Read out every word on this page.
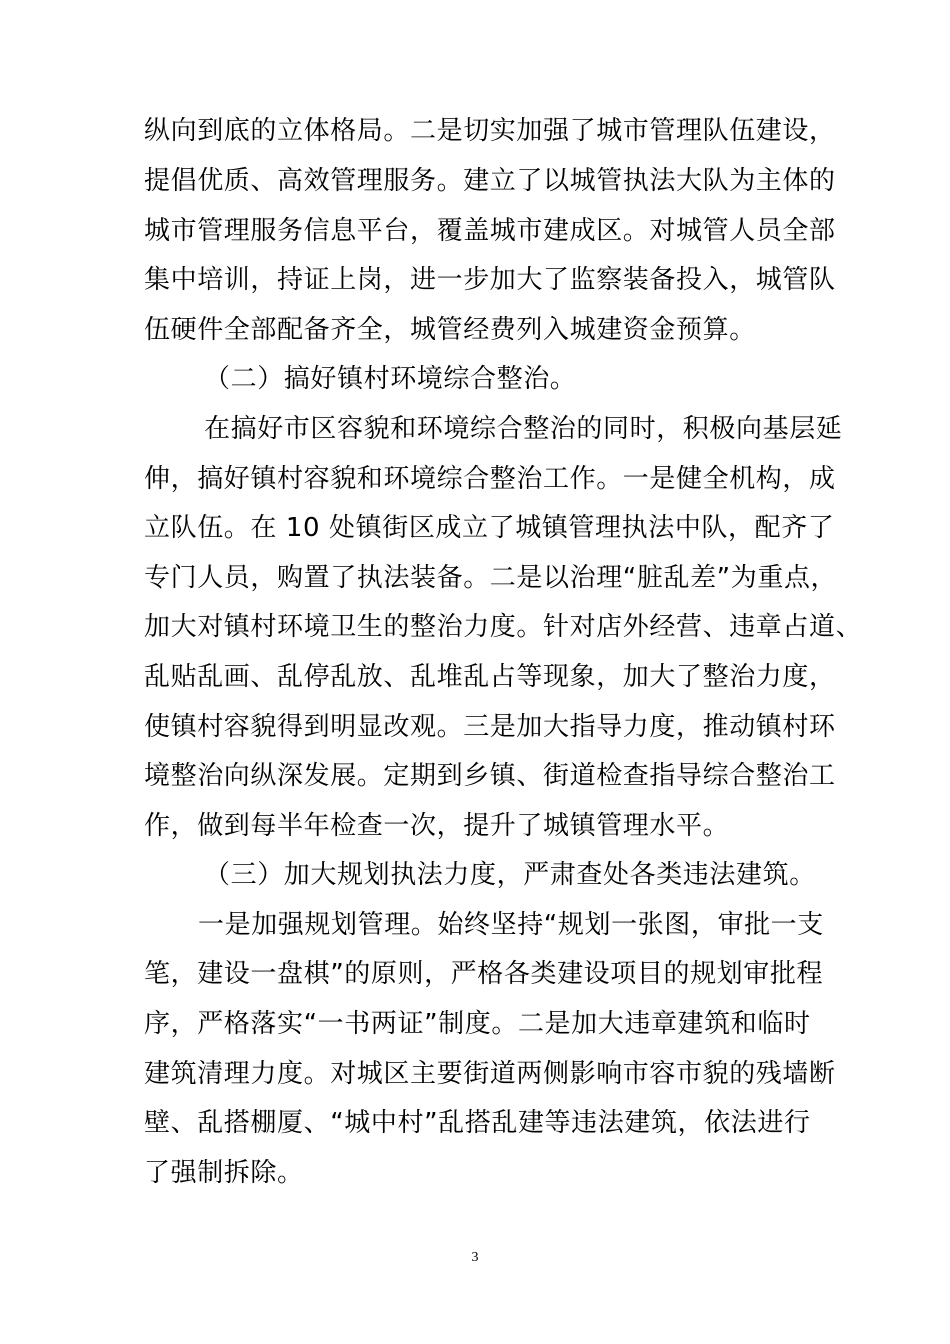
纵向到底的立体格局。二是切实加强了城市管理队伍建设，
提倡优质、高效管理服务。建立了以城管执法大队为主体的
城市管理服务信息平台，覆盖城市建成区。对城管人员全部
集中培训，持证上岗，进一步加大了监察装备投入，城管队
伍硬件全部配备齐全，城管经费列入城建资金预算。
（二）搞好镇村环境综合整治。
在搞好市区容貌和环境综合整治的同时，积极向基层延
伸，搞好镇村容貌和环境综合整治工作。一是健全机构，成
立队伍。在 10 处镇街区成立了城镇管理执法中队，配齐了
专门人员，购置了执法装备。二是以治理“脏乱差”为重点，
加大对镇村环境卫生的整治力度。针对店外经营、违章占道、
乱贴乱画、乱停乱放、乱堆乱占等现象，加大了整治力度，
使镇村容貌得到明显改观。三是加大指导力度，推动镇村环
境整治向纵深发展。定期到乡镇、街道检查指导综合整治工
作，做到每半年检查一次，提升了城镇管理水平。
（三）加大规划执法力度，严肃查处各类违法建筑。
一是加强规划管理。始终坚持“规划一张图，审批一支
笔，建设一盘棋”的原则，严格各类建设项目的规划审批程
序，严格落实“一书两证”制度。二是加大违章建筑和临时
建筑清理力度。对城区主要街道两侧影响市容市貌的残墙断
壁、乱搭棚厦、“城中村”乱搭乱建等违法建筑，依法进行
了强制拆除。
3
